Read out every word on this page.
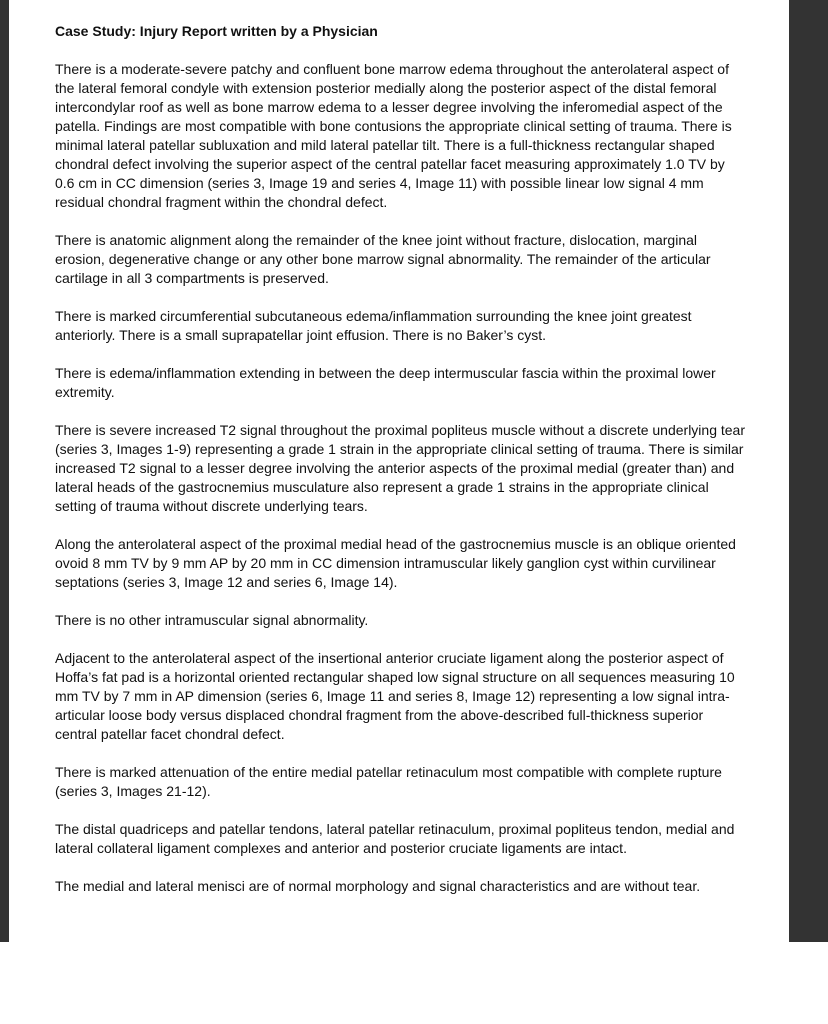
Case Study: Injury Report written by a Physician

There is a moderate-severe patchy and confluent bone marrow edema throughout the anterolateral aspect of the lateral femoral condyle with extension posterior medially along the posterior aspect of the distal femoral intercondylar roof as well as bone marrow edema to a lesser degree involving the inferomedial aspect of the patella. Findings are most compatible with bone contusions the appropriate clinical setting of trauma. There is minimal lateral patellar subluxation and mild lateral patellar tilt. There is a full-thickness rectangular shaped chondral defect involving the superior aspect of the central patellar facet measuring approximately 1.0 TV by 0.6 cm in CC dimension (series 3, Image 19 and series 4, Image 11) with possible linear low signal 4 mm residual chondral fragment within the chondral defect.

There is anatomic alignment along the remainder of the knee joint without fracture, dislocation, marginal erosion, degenerative change or any other bone marrow signal abnormality. The remainder of the articular cartilage in all 3 compartments is preserved.

There is marked circumferential subcutaneous edema/inflammation surrounding the knee joint greatest anteriorly. There is a small suprapatellar joint effusion. There is no Baker’s cyst.

There is edema/inflammation extending in between the deep intermuscular fascia within the proximal lower extremity.

There is severe increased T2 signal throughout the proximal popliteus muscle without a discrete underlying tear (series 3, Images 1-9) representing a grade 1 strain in the appropriate clinical setting of trauma. There is similar increased T2 signal to a lesser degree involving the anterior aspects of the proximal medial (greater than) and lateral heads of the gastrocnemius musculature also represent a grade 1 strains in the appropriate clinical setting of trauma without discrete underlying tears.

Along the anterolateral aspect of the proximal medial head of the gastrocnemius muscle is an oblique oriented ovoid 8 mm TV by 9 mm AP by 20 mm in CC dimension intramuscular likely ganglion cyst within curvilinear septations (series 3, Image 12 and series 6, Image 14).

There is no other intramuscular signal abnormality.

Adjacent to the anterolateral aspect of the insertional anterior cruciate ligament along the posterior aspect of Hoffa’s fat pad is a horizontal oriented rectangular shaped low signal structure on all sequences measuring 10 mm TV by 7 mm in AP dimension (series 6, Image 11 and series 8, Image 12) representing a low signal intra-articular loose body versus displaced chondral fragment from the above-described full-thickness superior central patellar facet chondral defect.

There is marked attenuation of the entire medial patellar retinaculum most compatible with complete rupture (series 3, Images 21-12).

The distal quadriceps and patellar tendons, lateral patellar retinaculum, proximal popliteus tendon, medial and lateral collateral ligament complexes and anterior and posterior cruciate ligaments are intact.

The medial and lateral menisci are of normal morphology and signal characteristics and are without tear.
